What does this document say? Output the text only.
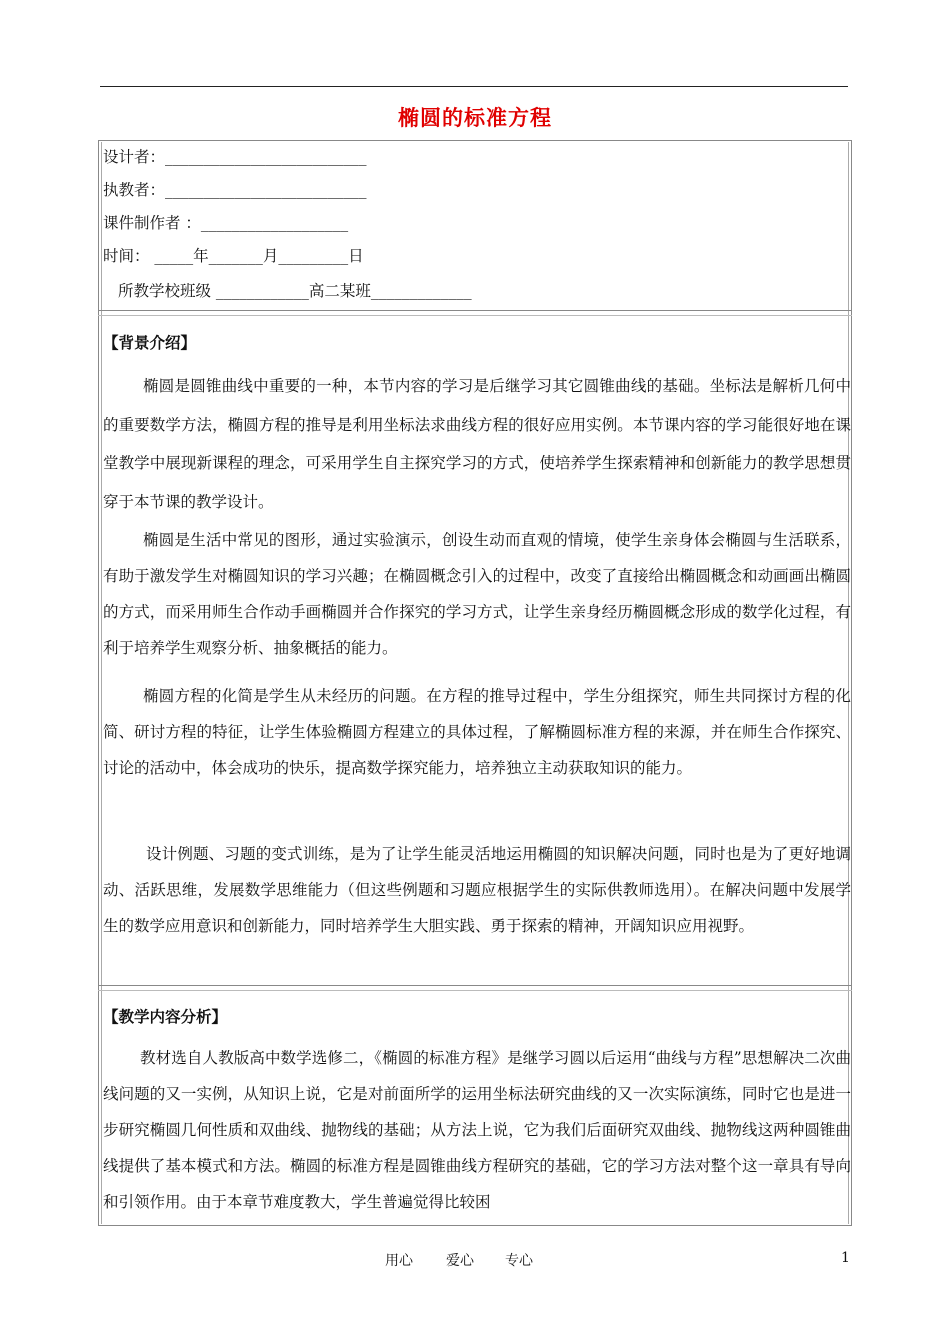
椭圆的标准方程
设计者：__________________________
执教者：__________________________
课件制作者 ：___________________
时间： _____年_______月_________日
所教学校班级 ____________高二某班_____________
【背景介绍】
椭圆是圆锥曲线中重要的一种，本节内容的学习是后继学习其它圆锥曲线的基础。坐标法是解析几何中的重要数学方法，椭圆方程的推导是利用坐标法求曲线方程的很好应用实例。本节课内容的学习能很好地在课堂教学中展现新课程的理念，可采用学生自主探究学习的方式，使培养学生探索精神和创新能力的教学思想贯穿于本节课的教学设计。
椭圆是生活中常见的图形，通过实验演示，创设生动而直观的情境，使学生亲身体会椭圆与生活联系，有助于激发学生对椭圆知识的学习兴趣；在椭圆概念引入的过程中，改变了直接给出椭圆概念和动画画出椭圆的方式，而采用师生合作动手画椭圆并合作探究的学习方式，让学生亲身经历椭圆概念形成的数学化过程，有利于培养学生观察分析、抽象概括的能力。
椭圆方程的化简是学生从未经历的问题。在方程的推导过程中，学生分组探究，师生共同探讨方程的化简、研讨方程的特征，让学生体验椭圆方程建立的具体过程，了解椭圆标准方程的来源，并在师生合作探究、讨论的活动中，体会成功的快乐，提高数学探究能力，培养独立主动获取知识的能力。
设计例题、习题的变式训练，是为了让学生能灵活地运用椭圆的知识解决问题，同时也是为了更好地调动、活跃思维，发展数学思维能力（但这些例题和习题应根据学生的实际供教师选用）。在解决问题中发展学生的数学应用意识和创新能力，同时培养学生大胆实践、勇于探索的精神，开阔知识应用视野。
【教学内容分析】
教材选自人教版高中数学选修二，《椭圆的标准方程》是继学习圆以后运用“曲线与方程”思想解决二次曲线问题的又一实例，从知识上说，它是对前面所学的运用坐标法研究曲线的又一次实际演练，同时它也是进一步研究椭圆几何性质和双曲线、抛物线的基础；从方法上说，它为我们后面研究双曲线、抛物线这两种圆锥曲线提供了基本模式和方法。椭圆的标准方程是圆锥曲线方程研究的基础，它的学习方法对整个这一章具有导向和引领作用。由于本章节难度教大，学生普遍觉得比较困
用心 爱心 专心	1
